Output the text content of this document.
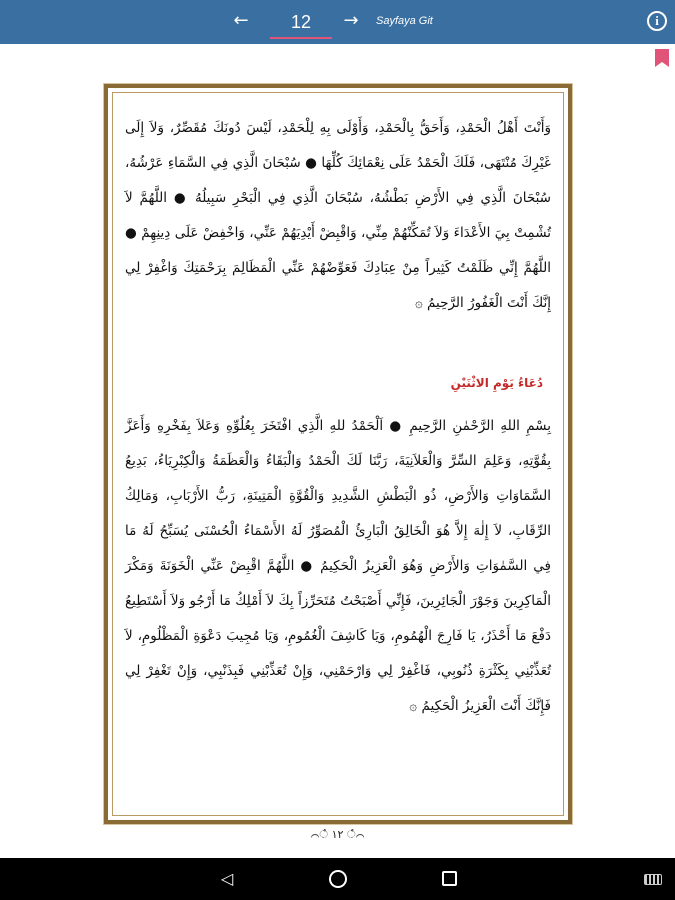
←
12	→	Sayfaya Git	i

وَأَنْتَ أَهْلُ الْحَمْدِ، وَأَحَقُّ بِالْحَمْدِ، وَأَوْلَى بِهِ لِلْحَمْدِ، لَيْسَ دُونَكَ مُقَصِّرٌ، وَلاَ إِلَى غَيْرِكَ مُنْتَهَى، فَلَكَ الْحَمْدُ عَلَى نِعْمَائِكَ كُلِّهَا ● سُبْحَانَ الَّذِي فِي السَّمَاءِ عَرْشُهُ، سُبْحَانَ الَّذِي فِي الأَرْضِ بَطْشُهُ، سُبْحَانَ الَّذِي فِي الْبَحْرِ سَبِيلُهُ ● اللَّهُمَّ لاَ تُشْمِتْ بِيَ الأَعْدَاءَ وَلاَ تُمَكِّنْهُمْ مِنِّي، وَاقْبِضْ أَيْدِيَهُمْ عَنِّي، وَاخْفِضْ عَلَى دِينِهِمْ ● اللَّهُمَّ إِنِّي ظَلَمْتُ كَثِيراً مِنْ عِبَادِكَ فَعَوِّضْهُمْ عَنِّي الْمَظَالِمَ بِرَحْمَتِكَ وَاغْفِرْ لِي إِنَّكَ أَنْتَ الْغَفُورُ الرَّحِيمُ ۞

دُعَاءُ يَوْمِ الاثْنَيْنِ

بِسْمِ اللهِ الرَّحْمٰنِ الرَّحِيمِ ● اَلْحَمْدُ للهِ الَّذِي افْتَخَرَ بِعُلُوِّهِ وَعَلاَ بِفَخْرِهِ وَأَعَزَّ بِقُوَّتِهِ، وَعَلِمَ السِّرَّ وَالْعَلاَنِيَةَ، رَبَّنَا لَكَ الْحَمْدُ وَالْبَقَاءُ وَالْعَظَمَةُ وَالْكِبْرِيَاءُ، بَدِيعُ السَّمَاوَاتِ وَالأَرْضِ، ذُو الْبَطْشِ الشَّدِيدِ وَالْقُوَّةِ الْمَتِينَةِ، رَبُّ الأَرْبَابِ، وَمَالِكُ الرِّقَابِ، لاَ إِلٰهَ إِلاَّ هُوَ الْخَالِقُ الْبَارِئُ الْمُصَوِّرُ لَهُ الأَسْمَاءُ الْحُسْنَى يُسَبِّحُ لَهُ مَا فِي السَّمٰوَاتِ وَالأَرْضِ وَهُوَ الْعَزِيزُ الْحَكِيمُ ● اللَّهُمَّ اقْبِضْ عَنِّي الْخَوَنَةَ وَمَكْرَ الْمَاكِرِينَ وَجَوْرَ الْجَائِرِينَ، فَإِنِّي أَصْبَحْتُ مُتَحَرِّزاً بِكَ لاَ أَمْلِكُ مَا أَرْجُو وَلاَ أَسْتَطِيعُ دَفْعَ مَا أَحْذَرُ، يَا فَارِجَ الْهُمُومِ، وَيَا كَاشِفَ الْغُمُومِ، وَيَا مُجِيبَ دَعْوَةِ الْمَظْلُومِ، لاَ تُعَذِّبْنِي بِكَثْرَةِ ذُنُوبِي، فَاغْفِرْ لِي وَارْحَمْنِي، وَإِنْ تُعَذِّبْنِي فَبِذَنْبِي، وَإِنْ تَغْفِرْ لِي فَإِنَّكَ أَنْتَ الْعَزِيزُ الْحَكِيمُ ۞

⌒ഀ ١٢ ഀ⌒
◁
